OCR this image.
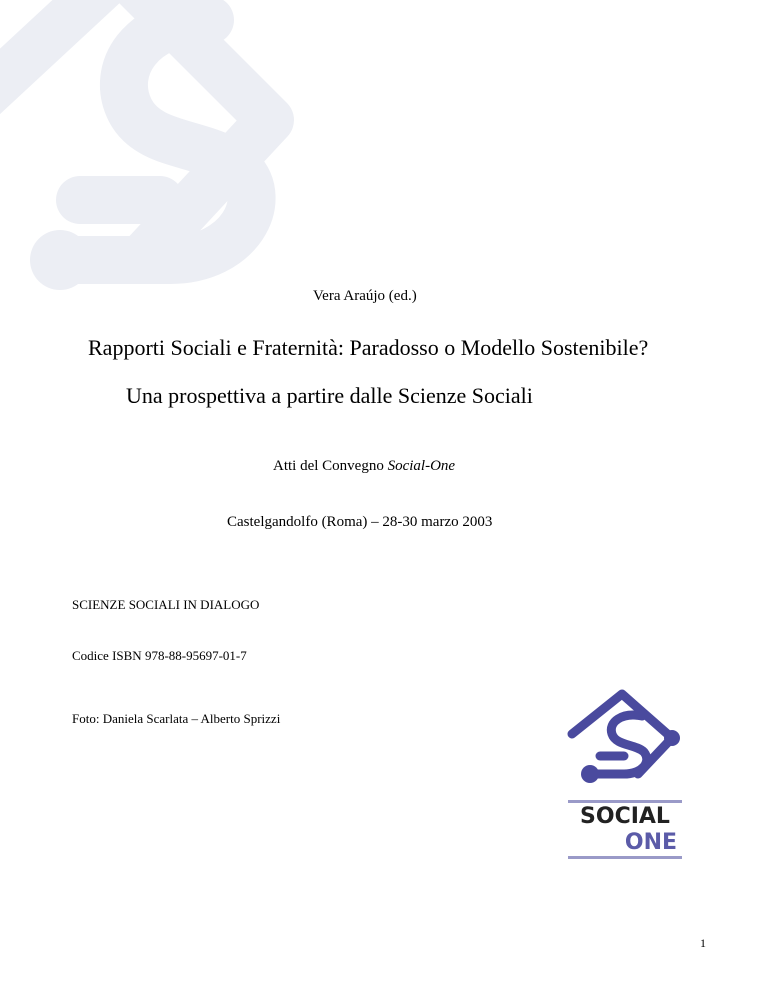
Vera Araújo (ed.)
Rapporti Sociali e Fraternità: Paradosso o Modello Sostenibile?
Una prospettiva a partire dalle Scienze Sociali
Atti del Convegno Social-One
Castelgandolfo (Roma) – 28-30 marzo 2003
SCIENZE SOCIALI IN DIALOGO
Codice ISBN 978-88-95697-01-7
Foto: Daniela Scarlata – Alberto Sprizzi
SOCIAL
ONE
1
